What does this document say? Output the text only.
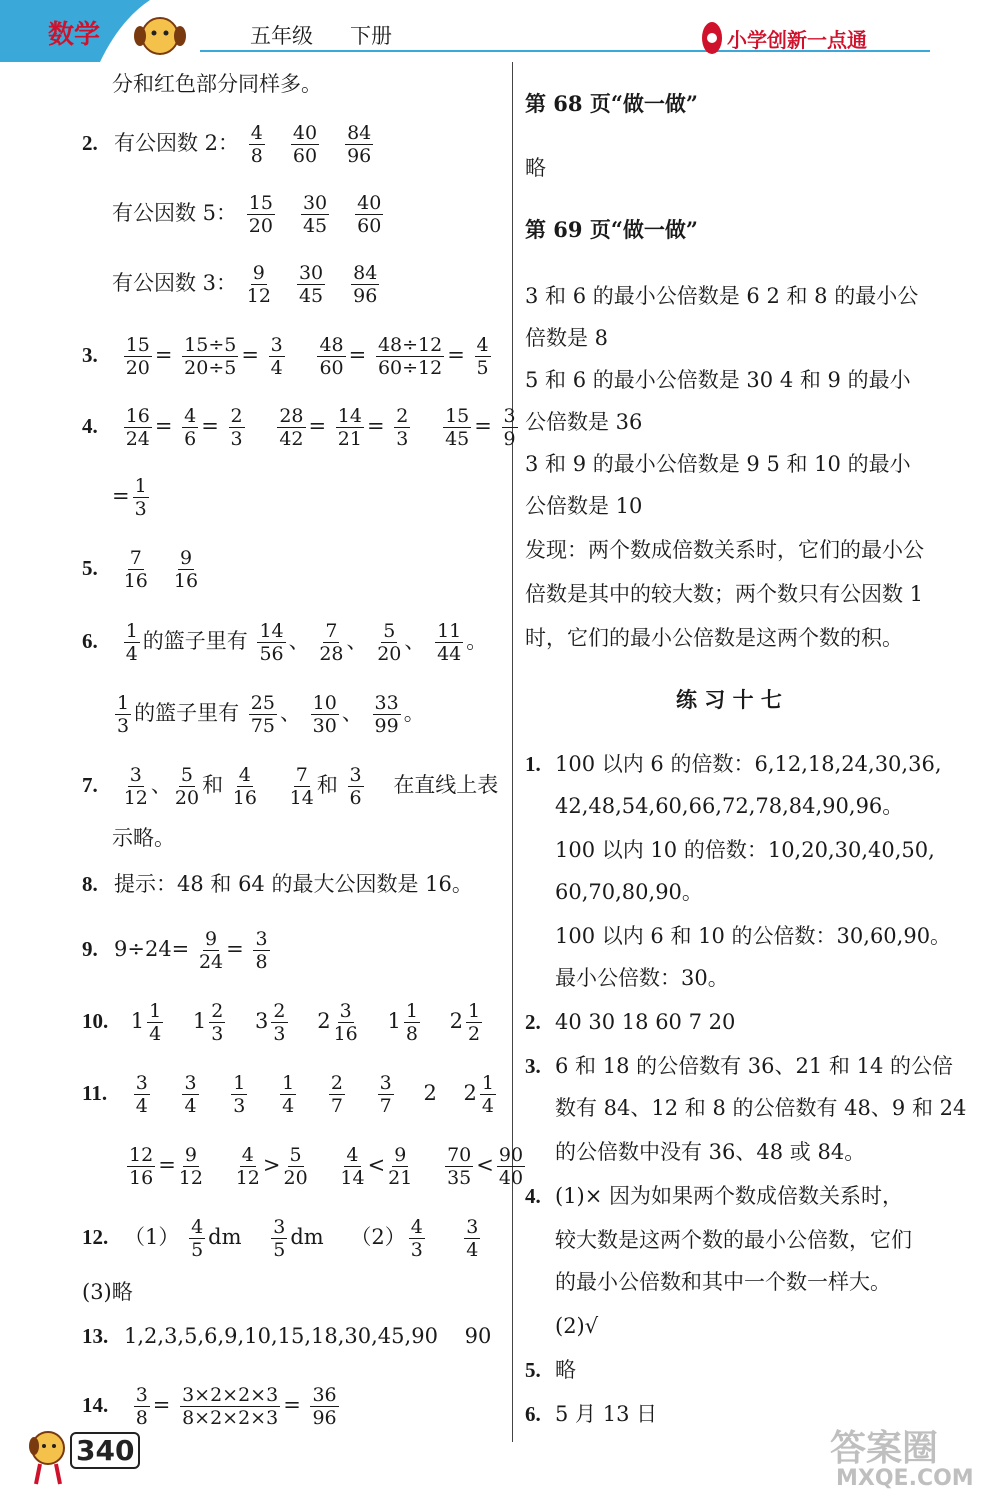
数学	五年级 下册	小学创新一点通
分和红色部分同样多。
2. 有公因数 2： $\frac{4}{8}$
$\frac{40}{60}$
$\frac{84}{96}$
有公因数 5： $\frac{15}{20}$
$\frac{30}{45}$
$\frac{40}{60}$
有公因数 3： $\frac{9}{12}$
$\frac{30}{45}$
$\frac{84}{96}$
3. $\frac{15}{20} = \frac{15\div 5}{20\div 5} = \frac{3}{4}$
$\frac{48}{60} = \frac{48\div 12}{60\div 12} = \frac{4}{5}$
4. $\frac{16}{24} = \frac{4}{6} = \frac{2}{3}$
$\frac{28}{42} = \frac{14}{21} = \frac{2}{3}$
$\frac{15}{45} = \frac{3}{9}$
= $\frac{1}{3}$
5. $\frac{7}{16}$
$\frac{9}{16}$
6. $\frac{1}{4}$ 的篮子里有 $\frac{14}{56}$ 、 $\frac{7}{28}$ 、 $\frac{5}{20}$ 、 $\frac{11}{44}$ 。
$\frac{1}{3}$ 的篮子里有 $\frac{25}{75}$ 、 $\frac{10}{30}$ 、 $\frac{33}{99}$ 。
7. $\frac{3}{12}$ 、 $\frac{5}{20}$ 和 $\frac{4}{16}$
$\frac{7}{14}$ 和 $\frac{3}{6}$ 在直线上表
示略。
8. 提示：48 和 64 的最大公因数是 16。
9. $9\div 24= \frac{9}{24} = \frac{3}{8}$
10. $1 \frac{1}{4} 1 \frac{2}{3} 3 \frac{2}{3} 2 \frac{3}{16} 1 \frac{1}{8} 2 \frac{1}{2}$
11. $\frac{3}{4}$
$\frac{3}{4}$
$\frac{1}{3}$
$\frac{1}{4}$
$\frac{2}{7}$
$\frac{3}{7} 2$ $2 \frac{1}{4}$
$\frac{12}{16} = \frac{9}{12}$
$\frac{4}{12} > \frac{5}{20}$
$\frac{4}{14} < \frac{9}{21}$
$\frac{70}{35} < \frac{90}{40}$
12. $(1) \frac{4}{5}$ dm $\frac{3}{5}$ dm $(2) \frac{4}{3}$
$\frac{3}{4}$
(3)略
13. 1,2,3,5,6,9,10,15,18,30,45,90 90
14. $\frac{3}{8} = \frac{3\times 2\times 2\times 3}{8\times 2\times 2\times 3} = \frac{36}{96}$
340
第 68 页“做一做”
略
第 69 页“做一做”
3 和 6 的最小公倍数是 6 2 和 8 的最小公
倍数是 8
5 和 6 的最小公倍数是 30 4 和 9 的最小
公倍数是 36
3 和 9 的最小公倍数是 9 5 和 10 的最小
公倍数是 10
发现：两个数成倍数关系时，它们的最小公
倍数是其中的较大数；两个数只有公因数 1
时，它们的最小公倍数是这两个数的积。
练 习 十 七
1. 100 以内 6 的倍数：6,12,18,24,30,36,
42,48,54,60,66,72,78,84,90,96。
100 以内 10 的倍数：10,20,30,40,50,
60,70,80,90。
100 以内 6 和 10 的公倍数：30,60,90。
最小公倍数：30。
2. 40 30 18 60 7 20
3. 6 和 18 的公倍数有 36、21 和 14 的公倍
数有 84、12 和 8 的公倍数有 48、9 和 24
的公倍数中没有 36、48 或 84。
4. (1)× 因为如果两个数成倍数关系时，
较大数是这两个数的最小公倍数，它们
的最小公倍数和其中一个数一样大。
(2)√
5. 略
6. 5 月 13 日
答案圈
MXQE.COM
